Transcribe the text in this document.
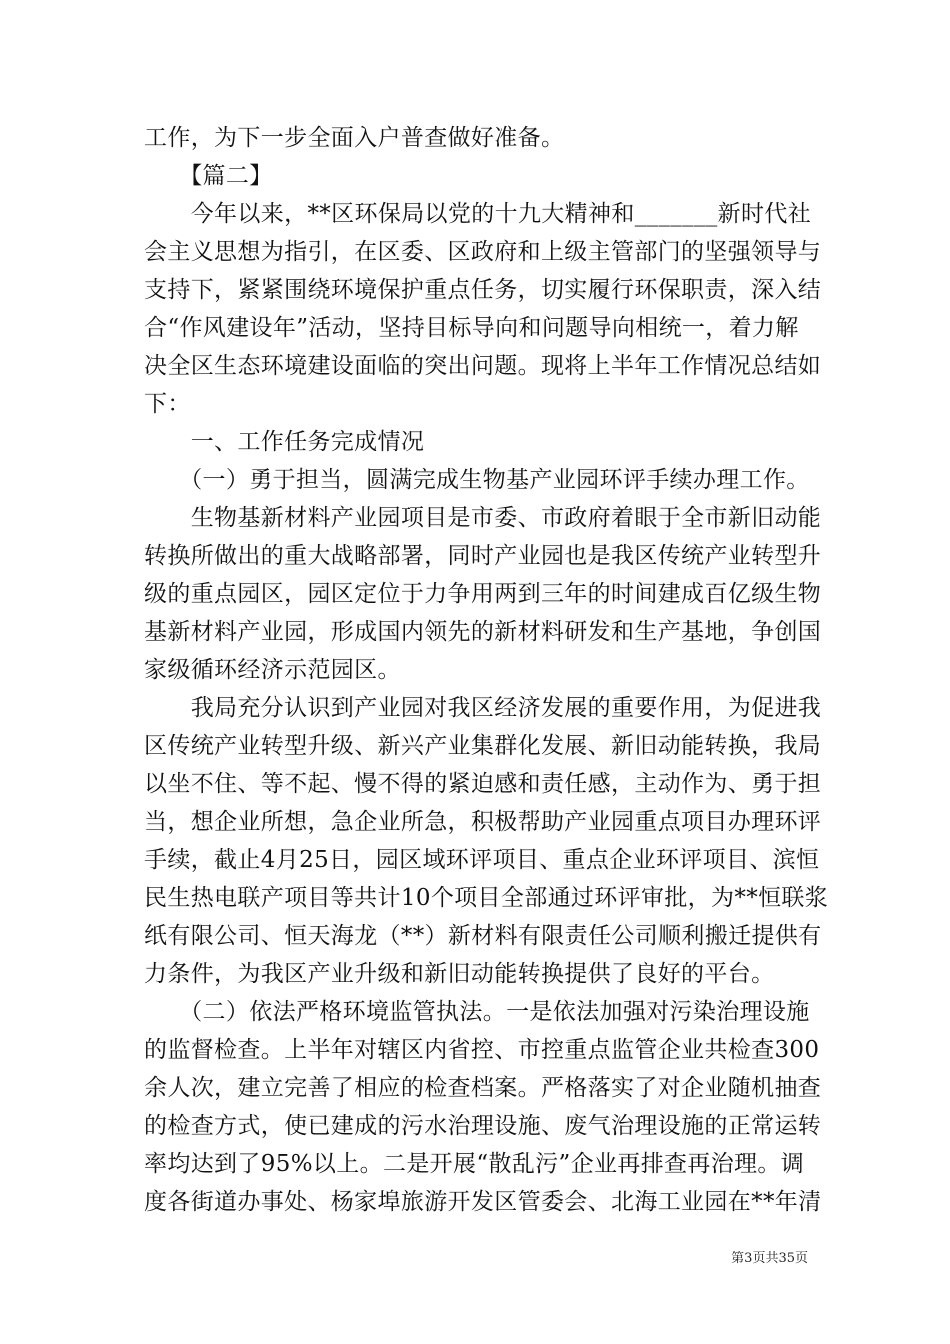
工作，为下一步全面入户普查做好准备。
　　【篇二】
　　今年以来，**区环保局以党的十九大精神和_______新时代社
会主义思想为指引，在区委、区政府和上级主管部门的坚强领导与
支持下，紧紧围绕环境保护重点任务，切实履行环保职责，深入结
合“作风建设年”活动，坚持目标导向和问题导向相统一，着力解
决全区生态环境建设面临的突出问题。现将上半年工作情况总结如
下：
　　一、工作任务完成情况
　　（一）勇于担当，圆满完成生物基产业园环评手续办理工作。
　　生物基新材料产业园项目是市委、市政府着眼于全市新旧动能
转换所做出的重大战略部署，同时产业园也是我区传统产业转型升
级的重点园区，园区定位于力争用两到三年的时间建成百亿级生物
基新材料产业园，形成国内领先的新材料研发和生产基地，争创国
家级循环经济示范园区。
　　我局充分认识到产业园对我区经济发展的重要作用，为促进我
区传统产业转型升级、新兴产业集群化发展、新旧动能转换，我局
以坐不住、等不起、慢不得的紧迫感和责任感，主动作为、勇于担
当，想企业所想，急企业所急，积极帮助产业园重点项目办理环评
手续，截止4月25日，园区域环评项目、重点企业环评项目、滨恒
民生热电联产项目等共计10个项目全部通过环评审批，为**恒联浆
纸有限公司、恒天海龙（**）新材料有限责任公司顺利搬迁提供有
力条件，为我区产业升级和新旧动能转换提供了良好的平台。
　　（二）依法严格环境监管执法。一是依法加强对污染治理设施
的监督检查。上半年对辖区内省控、市控重点监管企业共检查300
余人次，建立完善了相应的检查档案。严格落实了对企业随机抽查
的检查方式，使已建成的污水治理设施、废气治理设施的正常运转
率均达到了95%以上。二是开展“散乱污”企业再排查再治理。调
度各街道办事处、杨家埠旅游开发区管委会、北海工业园在**年清
第3页共35页
